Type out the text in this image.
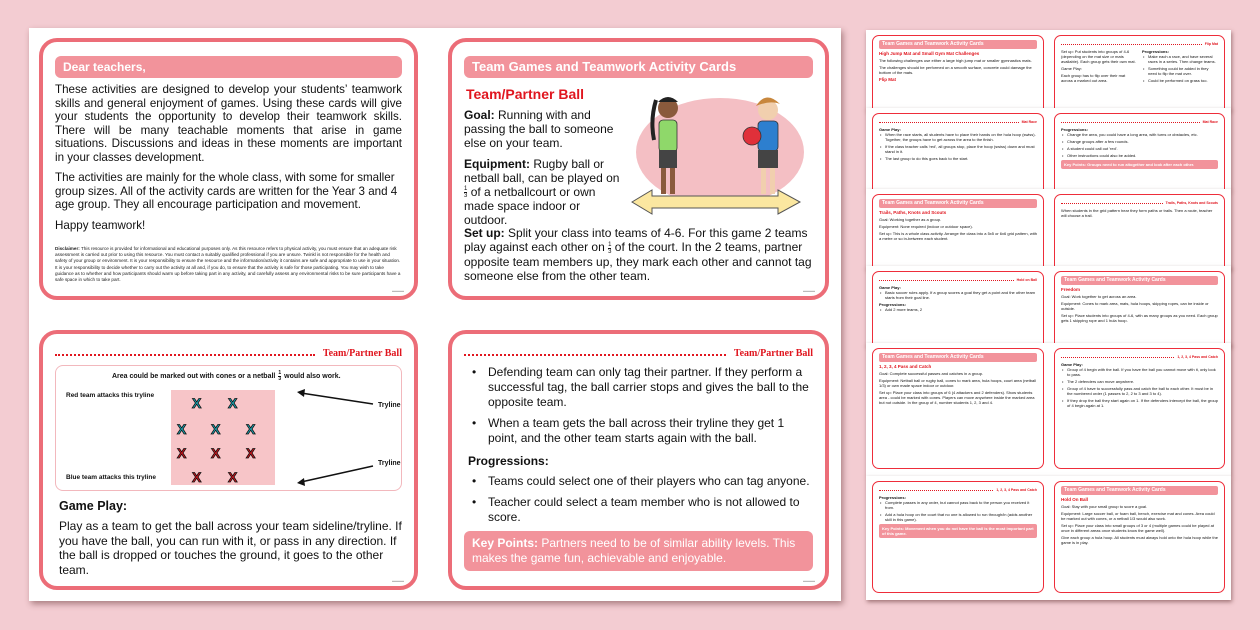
Dear teachers,

These activities are designed to develop your students’ teamwork skills and general enjoyment of games. Using these cards will give your students the opportunity to develop their teamwork skills. There will be many teachable moments that arise in game situations. Discussions and ideas in these moments are important in your classes development.

The activities are mainly for the whole class, with some for smaller group sizes. All of the activity cards are written for the Year 3 and 4 age group. They all encourage participation and movement.

Happy teamwork!

Disclaimer: This resource is provided for informational and educational purposes only. As this resource refers to physical activity, you must ensure that an adequate risk assessment is carried out prior to using this resource. You must contact a suitably qualified professional if you are unsure. Twinkl is not responsible for the health and safety of your group or environment. It is your responsibility to ensure the resource and the information/activity it contains are safe and appropriate to use in your situation. It is your responsibility to decide whether to carry out the activity at all and, if you do, to ensure that the activity is safe for those participating. You may wish to take guidance as to whether and how participants should warm up before taking part in any activity, and carefully assess any environmental risks to be sure participants have a safe space in which to take part.
▬▬▬
Team Games and Teamwork Activity Cards
Team/Partner Ball

Goal: Running with and passing the ball to someone else on your team.

Equipment: Rugby ball or netball ball, can be played on
$\frac{1}{3}$ of a netballcourt or own made space indoor or outdoor.

Set up: Split your class into teams of 4-6. For this game 2 teams play against each other on $\frac{1}{3}$ of the court. In the 2 teams, partner opposite team members up, they mark each other and cannot tag someone else from the other team.

▬▬▬
Team/Partner Ball
Area could be marked out with cones or a netball $\frac{1}{3}$ would also work.
Red team attacks this tryline
Blue team attacks this tryline
Tryline
Tryline
X X
X X X
X X X
X X
Game Play:
Play as a team to get the ball across your team sideline/tryline. If you have the ball, you can run with it, or pass in any direction. If the ball is dropped or touches the ground, it goes to the other team.
▬▬▬
Team/Partner Ball
• Defending team can only tag their partner. If they perform a successful tag, the ball carrier stops and gives the ball to the opposite team.
• When a team gets the ball across their tryline they get 1 point, and the other team starts again with the ball.
Progressions:
• Teams could select one of their players who can tag anyone.
• Teacher could select a team member who is not allowed to score.
Key Points: Partners need to be of similar ability levels. This makes the game fun, achievable and enjoyable.
▬▬▬
Team Games and Teamwork Activity Cards
High Jump Mat and Small Gym Mat Challenges
The following challenges use either a large high jump mat or smaller gymnastics mats.
The challenges should be performed on a smooth surface, concrete could damage the bottom of the mats.
Flip Mat
Flip Mat
Set up: Put students into groups of 4-6 (depending on the mat size or mats available). Each group gets their own mat.
Game Play:
Each group has to flip over their mat across a marked out area.
Progressions:
• Make each a race, and have several races in a series. Then change teams.
• Something could be added in they need to flip the mat over.
• Could be performed on grass too.
Mat Race
Game Play:
• When the race starts, all students have to place their hands on the hula hoop (swiss). Together, the groups have to get across the area to the finish.
• If the class teacher calls 'red', all groups stop, place the hoop (swiss) down and must stand in it.
• The last group to do this goes back to the start.
Mat Race
Progressions:
• Change the area, you could have a long area, with turns or obstacles, etc.
• Change groups after a few rounds.
• A student could call out 'red'.
• Other instructions could also be added.
Key Points: Groups need to run altogether and look after each other.
Team Games and Teamwork Activity Cards
Trails, Paths, Knots and Scouts
Goal: Working together as a group.
Equipment: None required (indoor or outdoor space).
Set up: This is a whole class activity. Arrange the class into a 5x5 or 6x6 grid pattern, with a metre or so in-between each student.
Trails, Paths, Knots and Scouts
When students in the grid pattern hear they form paths or trails. Then a route, teacher will choose a trail.
Hold on Ball
Game Play:
• Basic soccer rules apply. If a group scores a goal they get a point and the other team starts from their goal line.
Progressions:
• Add 2 more teams, 2
Team Games and Teamwork Activity Cards
Freedom
Goal: Work together to get across an area.
Equipment: Cones to mark area, mats, hula hoops, skipping ropes, can be inside or outside.
Set up: Place students into groups of 4-6, with as many groups as you need. Each group gets 1 skipping rope and 1 hula hoop.
Team Games and Teamwork Activity Cards
1, 2, 3, 4 Pass and Catch
Goal: Complete successful passes and catches in a group.
Equipment: Netball ball or rugby ball, cones to mark area, hula hoops, court area (netball 1/3) or own made space indoor or outdoor.
Set up: Place your class into groups of 6 (4 attackers and 2 defenders). Show students area - could be marked with cones. Players can move anywhere inside the marked area but not outside. In the group of 4, number students 1, 2, 3 and 4.
1, 2, 3, 4 Pass and Catch
Game Play:
• Group of 4 begin with the ball. If you have the ball you cannot move with it, only look to pass.
• The 2 defenders can move anywhere.
• Group of 4 have to successfully pass and catch the ball to each other. It must be in the numbered order (1 passes to 2, 2 to 3 and 3 to 4).
• If they drop the ball they start again on 1. If the defenders intercept the ball, the group of 4 begin again at 1.
1, 2, 3, 4 Pass and Catch
Progressions:
• Complete passes in any order, but cannot pass back to the person you received it from.
• Add a hula hoop on the court that no one is allowed to run through/in (adds another skill in this game).
Key Points: Movement when you do not have the ball is the most important part of this game.
Team Games and Teamwork Activity Cards
Hold On Ball
Goal: Stay with your small group to score a goal.
Equipment: Large soccer ball, or foam ball, bench, exercise mat and cones. Area could be marked out with cones, or a netball 1/3 would also work.
Set up: Place your class into small groups of 3 or 4 (multiple games could be played at once in different areas once students know the game well).
Give each group a hula hoop. All students must always hold onto the hula hoop while the game is in play.
